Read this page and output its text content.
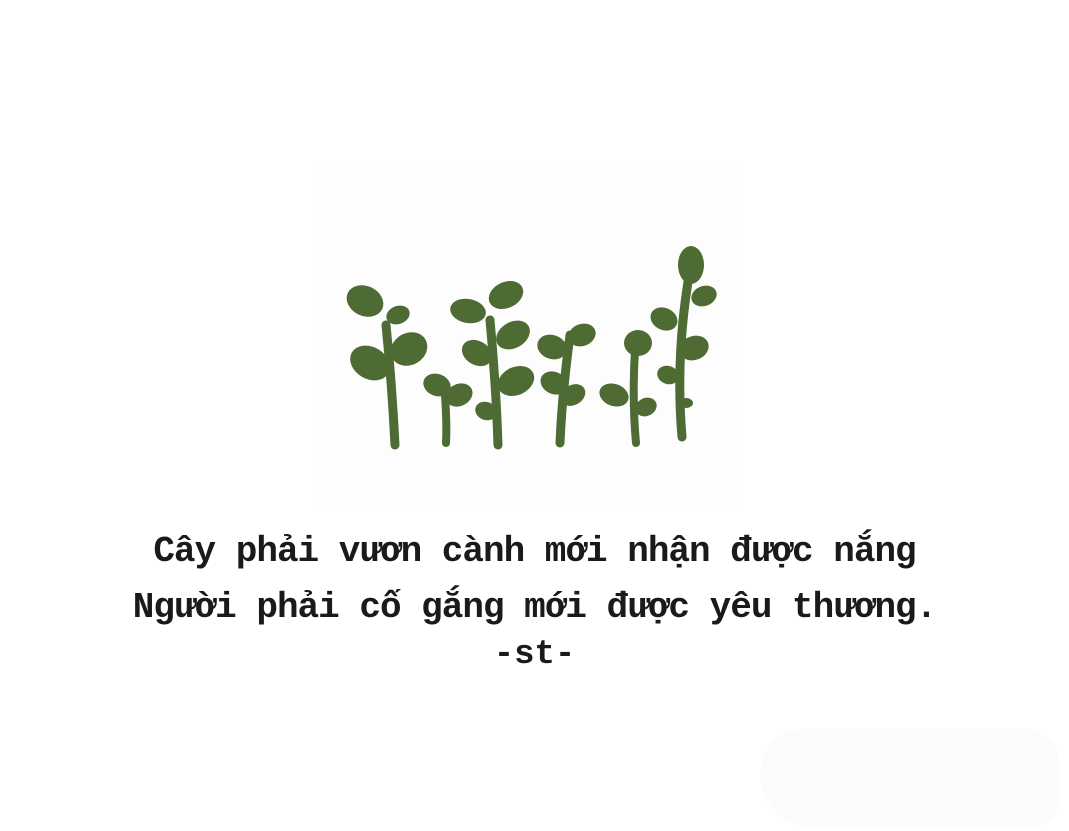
Cây phải vươn cành mới nhận được nắng
Người phải cố gắng mới được yêu thương.
-st-
